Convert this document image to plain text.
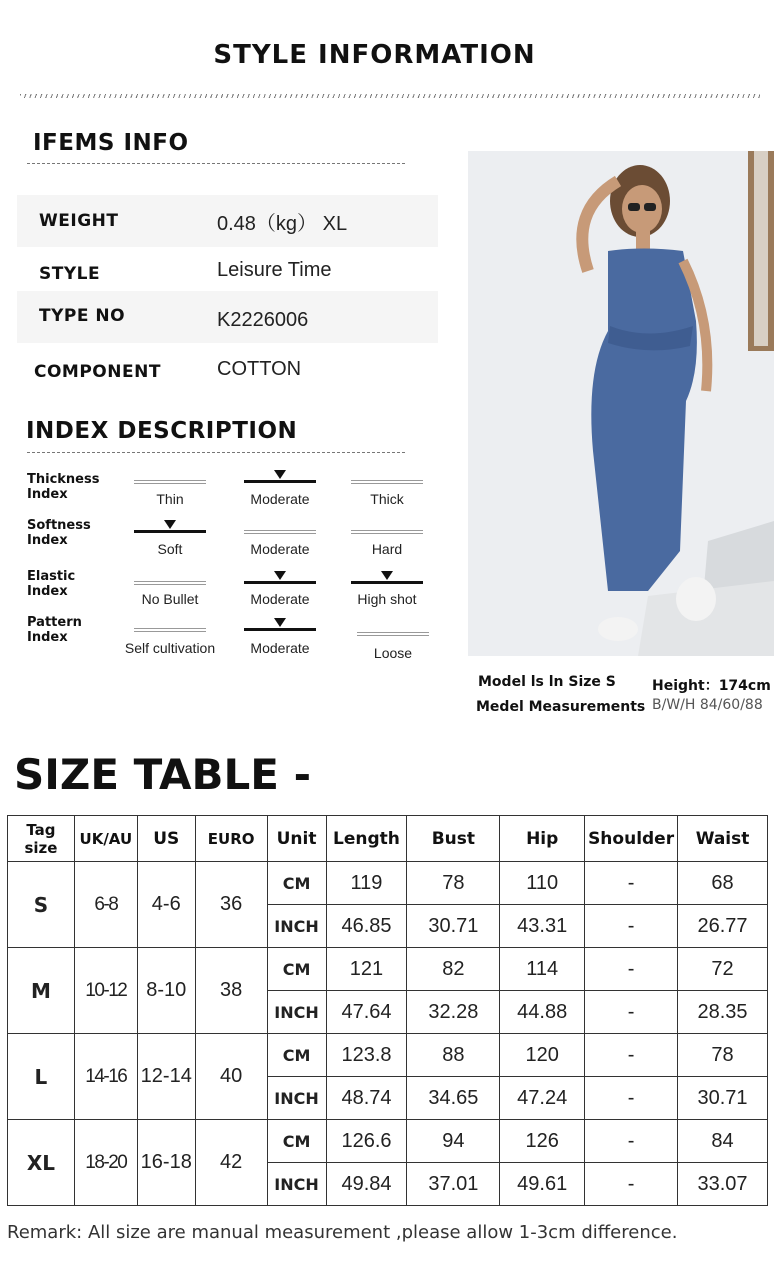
STYLE INFORMATION
IFEMS INFO
WEIGHT	0.48（kg） XL
STYLE	Leisure Time
TYPE NO	K2226006
COMPONENT	COTTON
INDEX DESCRIPTION
Thickness
Index	Thin	Moderate	Thick
Softness
Index
Soft	Moderate	Hard
Elastic
Index	No Bullet	Moderate	High shot
Pattern
Index
Self cultivation	Moderate	Loose
Model ls ln Size S
Medel Measurements
Height：174cm
B/W/H 84/60/88
SIZE TABLE -
Tag size	UK/AU	US	EURO	Unit	Length	Bust	Hip	Shoulder	Waist
S	6-8	4-6	36	CM	119	78	110	-	68
				INCH	46.85	30.71	43.31	-	26.77
M	10-12	8-10	38	CM	121	82	114	-	72
				INCH	47.64	32.28	44.88	-	28.35
L	14-16	12-14	40	CM	123.8	88	120	-	78
				INCH	48.74	34.65	47.24	-	30.71
XL	18-20	16-18	42	CM	126.6	94	126	-	84
				INCH	49.84	37.01	49.61	-	33.07
Remark: All size are manual measurement ,please allow 1-3cm difference.
